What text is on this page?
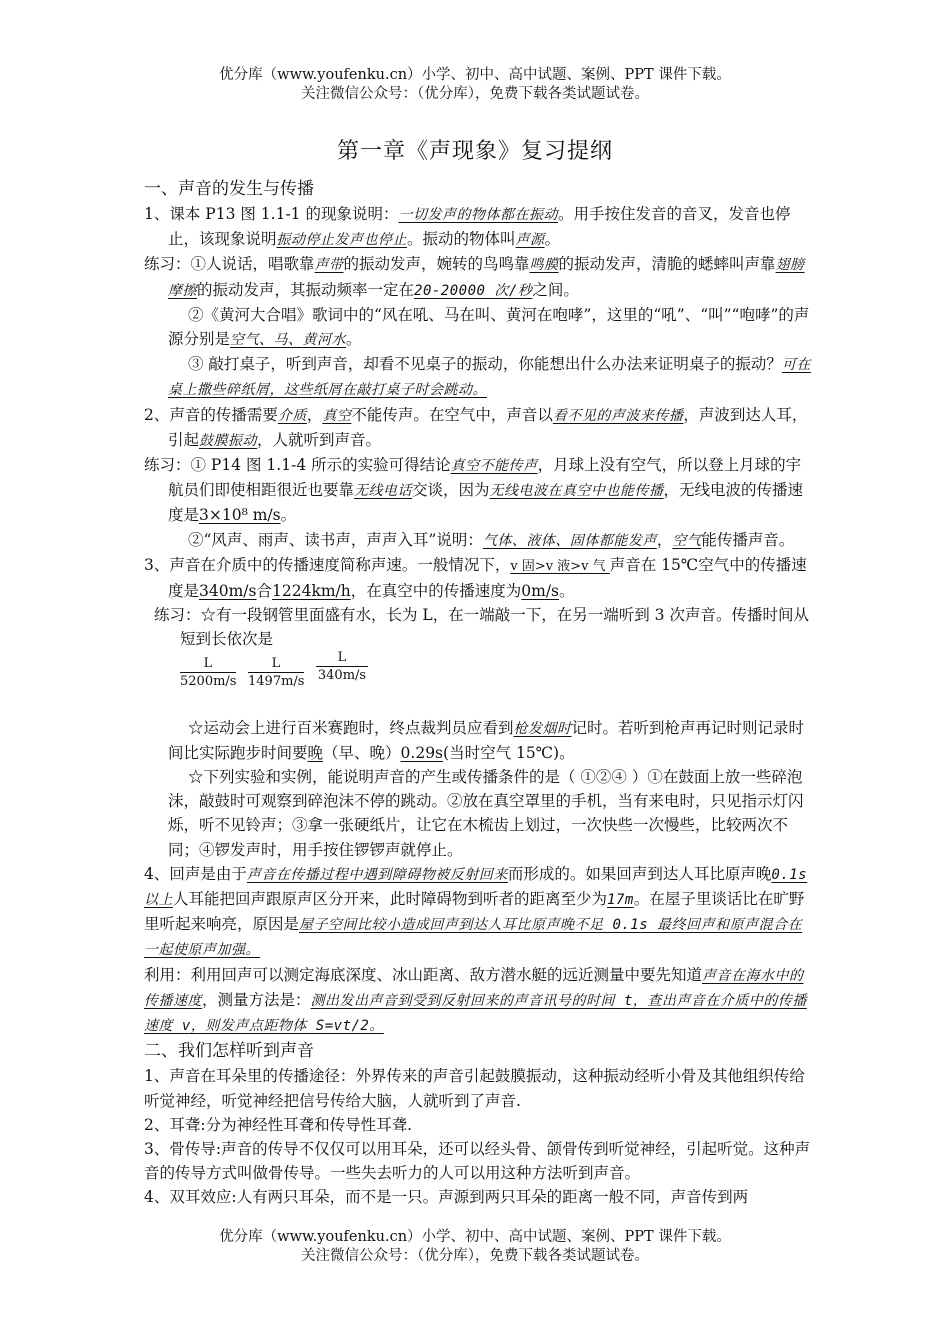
优分库（www.youfenku.cn）小学、初中、高中试题、案例、PPT 课件下载。
关注微信公众号：（优分库），免费下载各类试题试卷。
第一章《声现象》复习提纲

一、声音的发生与传播

1、课本 P13 图 1.1-1 的现象说明：一切发声的物体都在振动。用手按住发音的音叉，发音也停止，该现象说明振动停止发声也停止。振动的物体叫声源。

练习：①人说话，唱歌靠声带的振动发声，婉转的鸟鸣靠鸣膜的振动发声，清脆的蟋蟀叫声靠翅膀摩擦的振动发声，其振动频率一定在20-20000 次/秒之间。

②《黄河大合唱》歌词中的“风在吼、马在叫、黄河在咆哮”，这里的“吼”、“叫”“咆哮”的声源分别是空气、马、黄河水。

③ 敲打桌子，听到声音，却看不见桌子的振动，你能想出什么办法来证明桌子的振动？可在桌上撒些碎纸屑，这些纸屑在敲打桌子时会跳动。

2、声音的传播需要介质，真空不能传声。在空气中，声音以看不见的声波来传播，声波到达人耳，引起鼓膜振动，人就听到声音。

练习：① P14 图 1.1-4 所示的实验可得结论真空不能传声，月球上没有空气，所以登上月球的宇航员们即使相距很近也要靠无线电话交谈，因为无线电波在真空中也能传播，无线电波的传播速度是3×10⁸ m/s。

②“风声、雨声、读书声，声声入耳”说明：气体、液体、固体都能发声，空气能传播声音。

3、声音在介质中的传播速度简称声速。一般情况下，v 固>v 液>v 气 声音在 15℃空气中的传播速度是340m/s合1224km/h，在真空中的传播速度为0m/s。

练习：☆有一段钢管里面盛有水，长为 L，在一端敲一下，在另一端听到 3 次声音。传播时间从短到长依次是

$\frac{L}{5200m/s} \frac{L}{1497m/s} \frac{L}{340m/s}$

☆运动会上进行百米赛跑时，终点裁判员应看到枪发烟时记时。若听到枪声再记时则记录时间比实际跑步时间要晚（早、晚）0.29s(当时空气 15℃)。

☆下列实验和实例，能说明声音的产生或传播条件的是（ ①②④ ）①在鼓面上放一些碎泡沫，敲鼓时可观察到碎泡沫不停的跳动。②放在真空罩里的手机，当有来电时，只见指示灯闪烁，听不见铃声；③拿一张硬纸片，让它在木梳齿上划过，一次快些一次慢些，比较两次不同；④锣发声时，用手按住锣锣声就停止。

4、回声是由于声音在传播过程中遇到障碍物被反射回来而形成的。如果回声到达人耳比原声晚0.1s 以上人耳能把回声跟原声区分开来，此时障碍物到听者的距离至少为17m。在屋子里谈话比在旷野里听起来响亮，原因是屋子空间比较小造成回声到达人耳比原声晚不足 0.1s 最终回声和原声混合在一起使原声加强。

利用：利用回声可以测定海底深度、冰山距离、敌方潜水艇的远近测量中要先知道声音在海水中的传播速度，测量方法是：测出发出声音到受到反射回来的声音讯号的时间 t，查出声音在介质中的传播速度 v，则发声点距物体 S=vt/2。

二、我们怎样听到声音

1、声音在耳朵里的传播途径：外界传来的声音引起鼓膜振动，这种振动经听小骨及其他组织传给听觉神经，听觉神经把信号传给大脑，人就听到了声音.

2、耳聋:分为神经性耳聋和传导性耳聋.

3、骨传导:声音的传导不仅仅可以用耳朵，还可以经头骨、颌骨传到听觉神经，引起听觉。这种声音的传导方式叫做骨传导。一些失去听力的人可以用这种方法听到声音。

4、双耳效应:人有两只耳朵，而不是一只。声源到两只耳朵的距离一般不同，声音传到两

优分库（www.youfenku.cn）小学、初中、高中试题、案例、PPT 课件下载。
关注微信公众号：（优分库），免费下载各类试题试卷。
